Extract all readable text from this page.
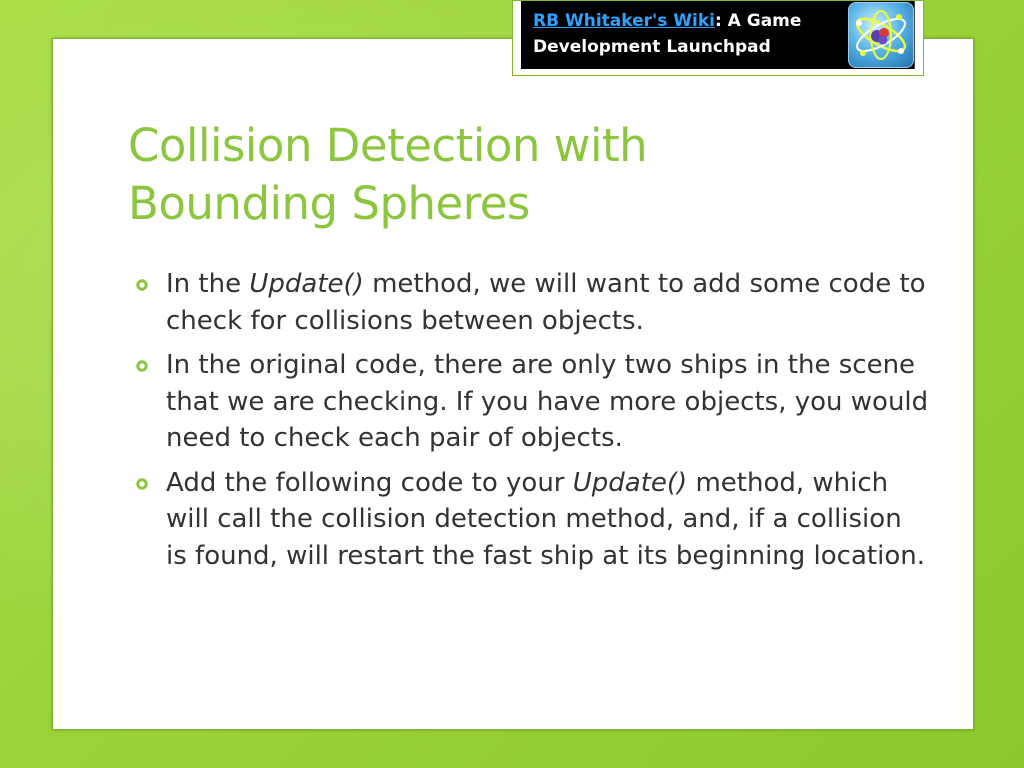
RB Whitaker's Wiki: A Game
Development Launchpad
Collision Detection with
Bounding Spheres
In the Update() method, we will want to add some code to check for collisions between objects.
In the original code, there are only two ships in the scene that we are checking. If you have more objects, you would need to check each pair of objects.
Add the following code to your Update() method, which will call the collision detection method, and, if a collision is found, will restart the fast ship at its beginning location.
